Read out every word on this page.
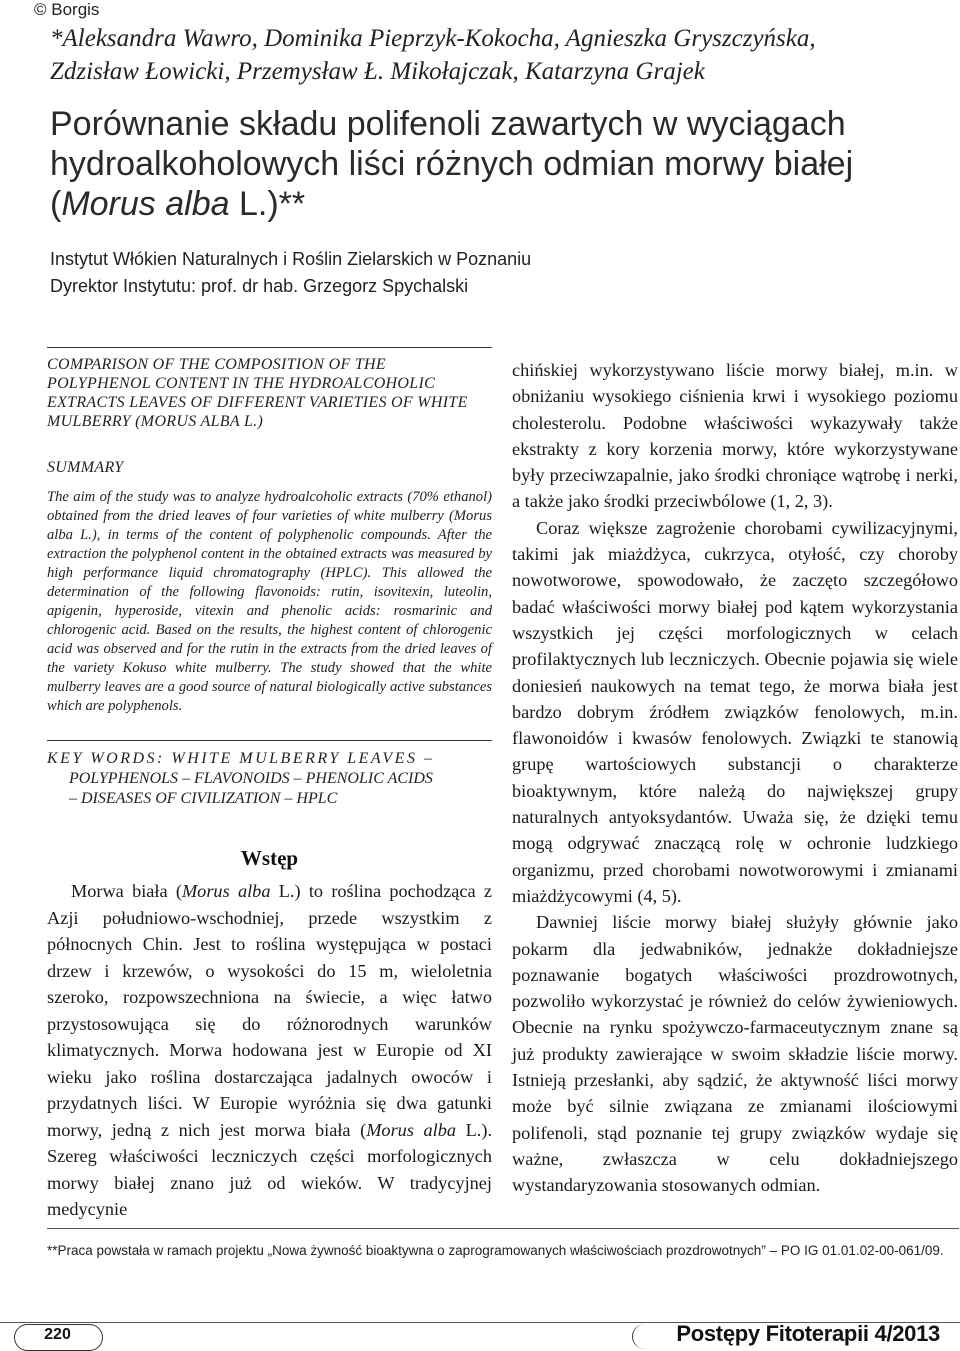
© Borgis
*Aleksandra Wawro, Dominika Pieprzyk-Kokocha, Agnieszka Gryszczyńska,
Zdzisław Łowicki, Przemysław Ł. Mikołajczak, Katarzyna Grajek
Porównanie składu polifenoli zawartych w wyciągach
hydroalkoholowych liści różnych odmian morwy białej
(Morus alba L.)**
Instytut Włókien Naturalnych i Roślin Zielarskich w Poznaniu
Dyrektor Instytutu: prof. dr hab. Grzegorz Spychalski
COMPARISON OF THE COMPOSITION OF THE POLYPHENOL CONTENT IN THE HYDROALCOHOLIC EXTRACTS LEAVES OF DIFFERENT VARIETIES OF WHITE MULBERRY (MORUS ALBA L.)
SUMMARY
The aim of the study was to analyze hydroalcoholic extracts (70% ethanol) obtained from the dried leaves of four varieties of white mulberry (Morus alba L.), in terms of the content of polyphenolic compounds. After the extraction the polyphenol content in the obtained extracts was measured by high performance liquid chromatography (HPLC). This allowed the determination of the following flavonoids: rutin, isovitexin, luteolin, apigenin, hyperoside, vitexin and phenolic acids: rosmarinic and chlorogenic acid. Based on the results, the highest content of chlorogenic acid was observed and for the rutin in the extracts from the dried leaves of the variety Kokuso white mulberry. The study showed that the white mulberry leaves are a good source of natural biologically active substances which are polyphenols.
KEY WORDS: WHITE MULBERRY LEAVES –
POLYPHENOLS – FLAVONOIDS – PHENOLIC ACIDS
– DISEASES OF CIVILIZATION – HPLC
Wstęp

Morwa biała (Morus alba L.) to roślina pochodząca z Azji południowo-wschodniej, przede wszystkim z północnych Chin. Jest to roślina występująca w postaci drzew i krzewów, o wysokości do 15 m, wieloletnia szeroko, rozpowszechniona na świecie, a więc łatwo przystosowująca się do różnorodnych warunków klimatycznych. Morwa hodowana jest w Europie od XI wieku jako roślina dostarczająca jadalnych owoców i przydatnych liści. W Europie wyróżnia się dwa gatunki morwy, jedną z nich jest morwa biała (Morus alba L.). Szereg właściwości leczniczych części morfologicznych morwy białej znano już od wieków. W tradycyjnej medycynie

chińskiej wykorzystywano liście morwy białej, m.in. w obniżaniu wysokiego ciśnienia krwi i wysokiego poziomu cholesterolu. Podobne właściwości wykazywały także ekstrakty z kory korzenia morwy, które wykorzystywane były przeciwzapalnie, jako środki chroniące wątrobę i nerki, a także jako środki przeciwbólowe (1, 2, 3).

Coraz większe zagrożenie chorobami cywilizacyjnymi, takimi jak miażdżyca, cukrzyca, otyłość, czy choroby nowotworowe, spowodowało, że zaczęto szczegółowo badać właściwości morwy białej pod kątem wykorzystania wszystkich jej części morfologicznych w celach profilaktycznych lub leczniczych. Obecnie pojawia się wiele doniesień naukowych na temat tego, że morwa biała jest bardzo dobrym źródłem związków fenolowych, m.in. flawonoidów i kwasów fenolowych. Związki te stanowią grupę wartościowych substancji o charakterze bioaktywnym, które należą do największej grupy naturalnych antyoksydantów. Uważa się, że dzięki temu mogą odgrywać znaczącą rolę w ochronie ludzkiego organizmu, przed chorobami nowotworowymi i zmianami miażdżycowymi (4, 5).

Dawniej liście morwy białej służyły głównie jako pokarm dla jedwabników, jednakże dokładniejsze poznawanie bogatych właściwości prozdrowotnych, pozwoliło wykorzystać je również do celów żywieniowych. Obecnie na rynku spożywczo-farmaceutycznym znane są już produkty zawierające w swoim składzie liście morwy. Istnieją przesłanki, aby sądzić, że aktywność liści morwy może być silnie związana ze zmianami ilościowymi polifenoli, stąd poznanie tej grupy związków wydaje się ważne, zwłaszcza w celu dokładniejszego wystandaryzowania stosowanych odmian.

**Praca powstała w ramach projektu „Nowa żywność bioaktywna o zaprogramowanych właściwościach prozdrowotnych” – PO IG 01.01.02-00-061/09.
220	Postępy Fitoterapii 4/2013
